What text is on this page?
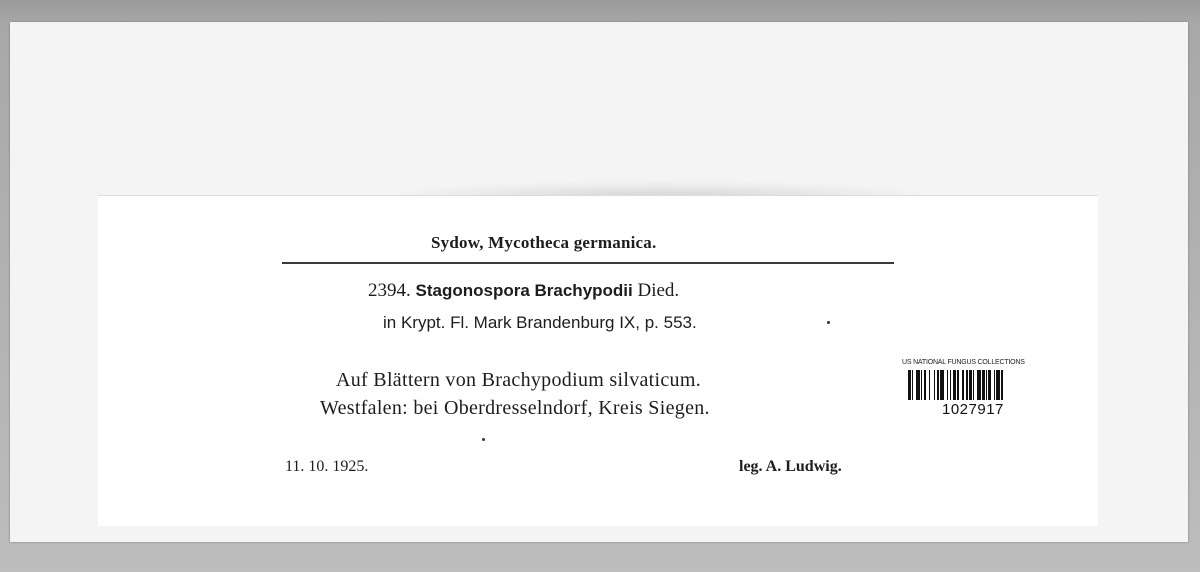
Sydow, Mycotheca germanica.
2394. Stagonospora Brachypodii Died.
in Krypt. Fl. Mark Brandenburg IX, p. 553.
Auf Blättern von Brachypodium silvaticum.
Westfalen: bei Oberdresselndorf, Kreis Siegen.
11. 10. 1925.	leg. A. Ludwig.
US NATIONAL FUNGUS COLLECTIONS
1027917
